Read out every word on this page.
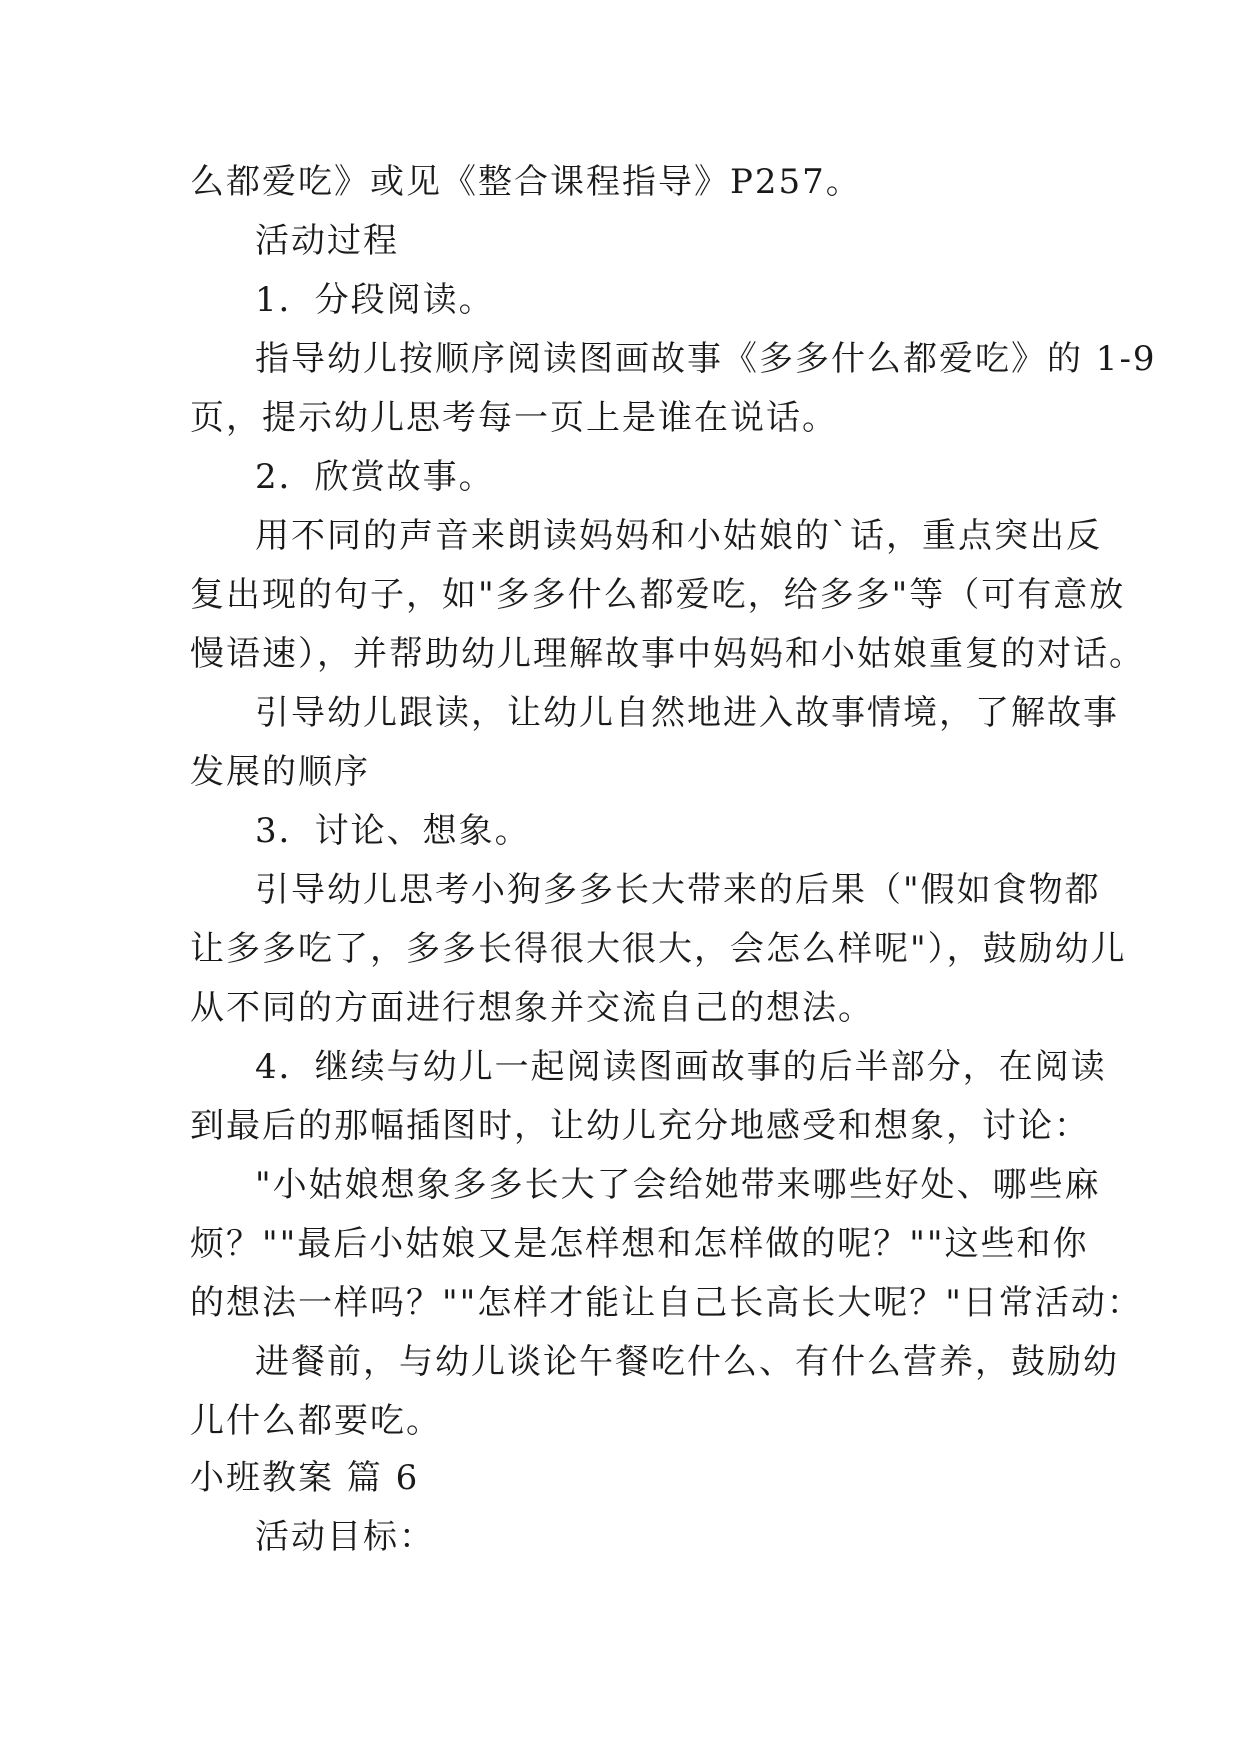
么都爱吃》或见《整合课程指导》P257。
活动过程
1．分段阅读。
指导幼儿按顺序阅读图画故事《多多什么都爱吃》的 1-9
页，提示幼儿思考每一页上是谁在说话。
2．欣赏故事。
用不同的声音来朗读妈妈和小姑娘的`话，重点突出反
复出现的句子，如"多多什么都爱吃，给多多"等（可有意放
慢语速），并帮助幼儿理解故事中妈妈和小姑娘重复的对话。
引导幼儿跟读，让幼儿自然地进入故事情境，了解故事
发展的顺序
3．讨论、想象。
引导幼儿思考小狗多多长大带来的后果（"假如食物都
让多多吃了，多多长得很大很大，会怎么样呢"），鼓励幼儿
从不同的方面进行想象并交流自己的想法。
4．继续与幼儿一起阅读图画故事的后半部分，在阅读
到最后的那幅插图时，让幼儿充分地感受和想象，讨论：
"小姑娘想象多多长大了会给她带来哪些好处、哪些麻
烦？""最后小姑娘又是怎样想和怎样做的呢？""这些和你
的想法一样吗？""怎样才能让自己长高长大呢？"日常活动：
进餐前，与幼儿谈论午餐吃什么、有什么营养，鼓励幼
儿什么都要吃。
小班教案 篇 6
活动目标：
